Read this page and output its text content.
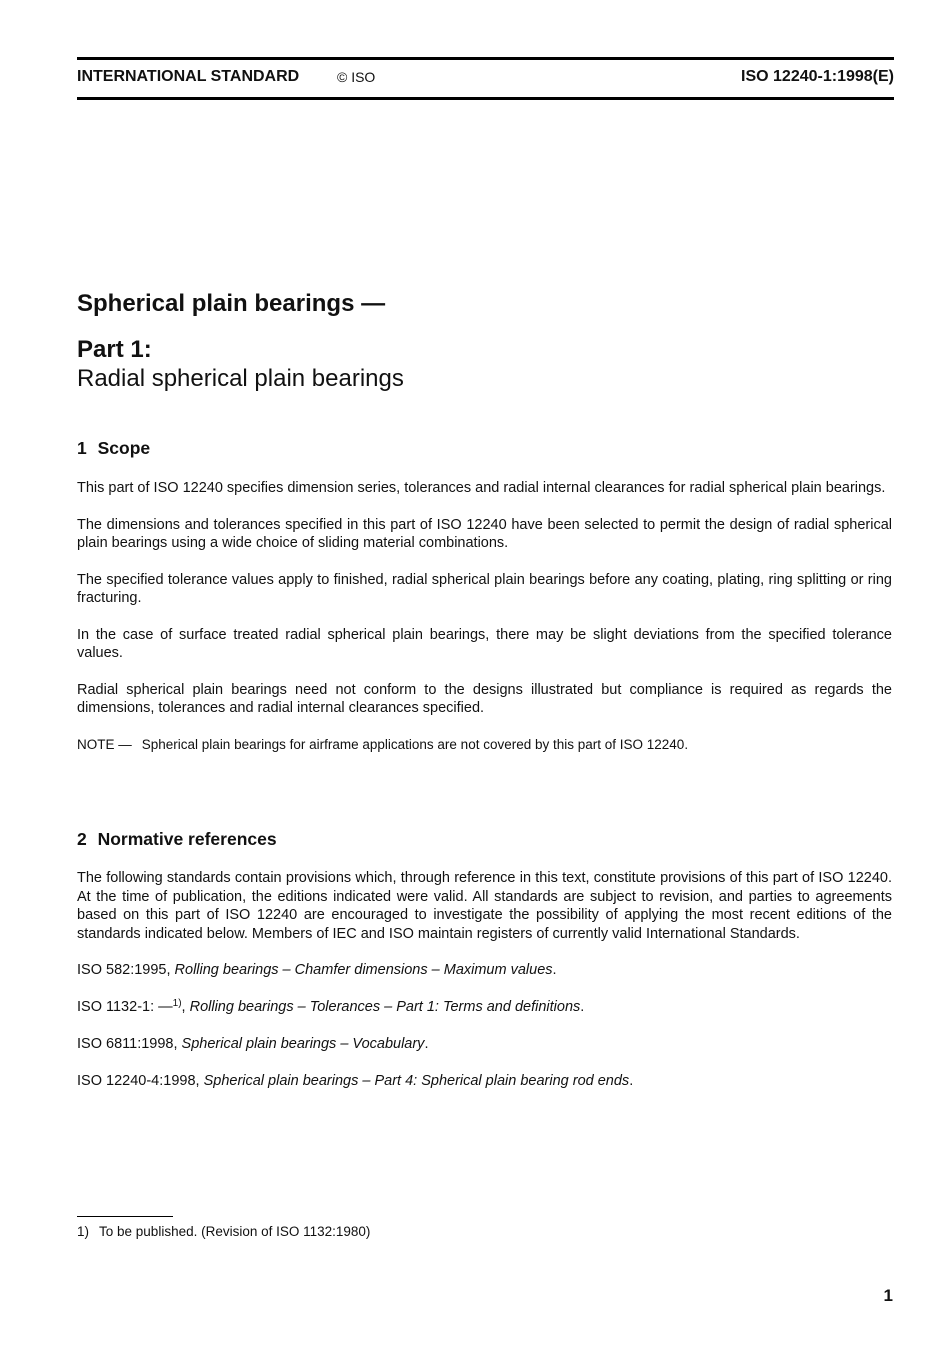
INTERNATIONAL STANDARD	© ISO	ISO 12240-1:1998(E)
Spherical plain bearings —
Part 1:
Radial spherical plain bearings
1 Scope

This part of ISO 12240 specifies dimension series, tolerances and radial internal clearances for radial spherical plain bearings.

The dimensions and tolerances specified in this part of ISO 12240 have been selected to permit the design of radial spherical plain bearings using a wide choice of sliding material combinations.

The specified tolerance values apply to finished, radial spherical plain bearings before any coating, plating, ring splitting or ring fracturing.

In the case of surface treated radial spherical plain bearings, there may be slight deviations from the specified tolerance values.

Radial spherical plain bearings need not conform to the designs illustrated but compliance is required as regards the dimensions, tolerances and radial internal clearances specified.

NOTE — Spherical plain bearings for airframe applications are not covered by this part of ISO 12240.

2 Normative references

The following standards contain provisions which, through reference in this text, constitute provisions of this part of ISO 12240. At the time of publication, the editions indicated were valid. All standards are subject to revision, and parties to agreements based on this part of ISO 12240 are encouraged to investigate the possibility of applying the most recent editions of the standards indicated below. Members of IEC and ISO maintain registers of currently valid International Standards.

ISO 582:1995, Rolling bearings – Chamfer dimensions – Maximum values.

ISO 1132-1: —$^{1)}$, Rolling bearings – Tolerances – Part 1: Terms and definitions.

ISO 6811:1998, Spherical plain bearings – Vocabulary.

ISO 12240-4:1998, Spherical plain bearings – Part 4: Spherical plain bearing rod ends.

1) To be published. (Revision of ISO 1132:1980)
1
